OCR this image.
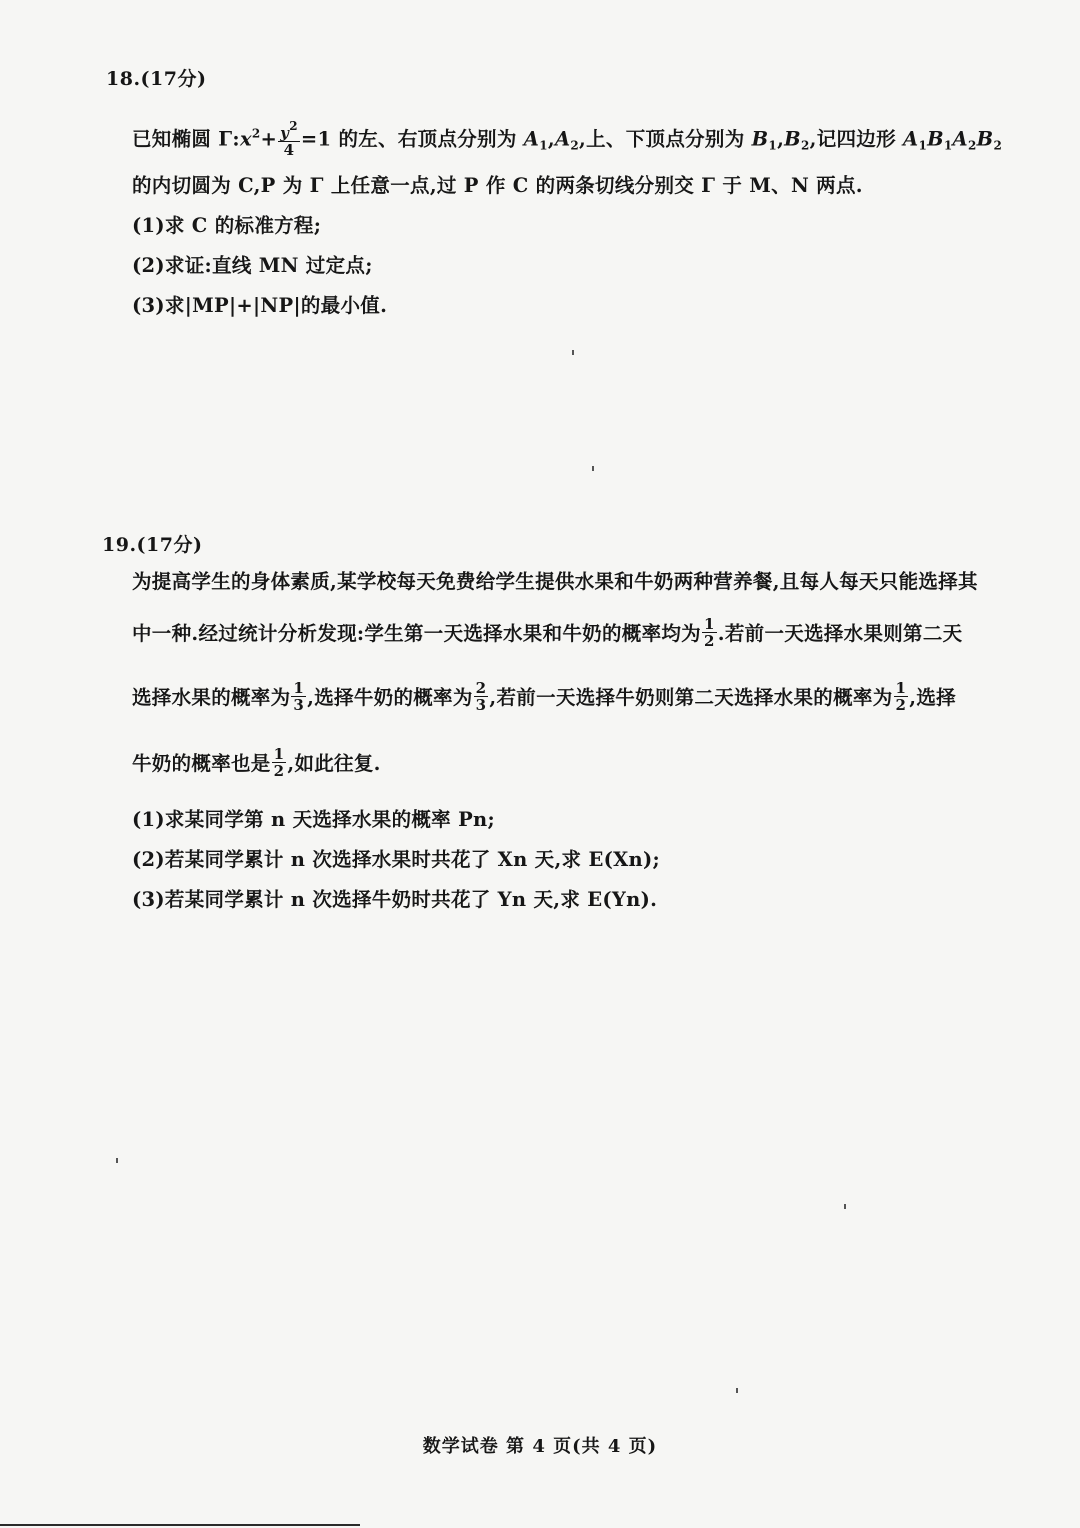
18.(17分)
已知椭圆 $\Gamma:x^2+ \frac{y^2}{4} =1$ 的左、右顶点分别为 $A_1,A_2$,上、下顶点分别为 $B_1,B_2$,记四边形 $A_1B_1A_2B_2$
的内切圆为 C,P 为 Γ 上任意一点,过 P 作 C 的两条切线分别交 Γ 于 M、N 两点.
(1)求 C 的标准方程;
(2)求证:直线 MN 过定点;
(3)求|MP|+|NP|的最小值.
19.(17分)
为提高学生的身体素质,某学校每天免费给学生提供水果和牛奶两种营养餐,且每人每天只能选择其
中一种.经过统计分析发现:学生第一天选择水果和牛奶的概率均为 $\frac{1}{2}$ .若前一天选择水果则第二天
选择水果的概率为 $\frac{1}{3}$ ,选择牛奶的概率为 $\frac{2}{3}$ ,若前一天选择牛奶则第二天选择水果的概率为 $\frac{1}{2}$ ,选择
牛奶的概率也是 $\frac{1}{2}$ ,如此往复.
(1)求某同学第 n 天选择水果的概率 Pn;
(2)若某同学累计 n 次选择水果时共花了 Xn 天,求 E(Xn);
(3)若某同学累计 n 次选择牛奶时共花了 Yn 天,求 E(Yn).
数学试卷 第 4 页(共 4 页)
